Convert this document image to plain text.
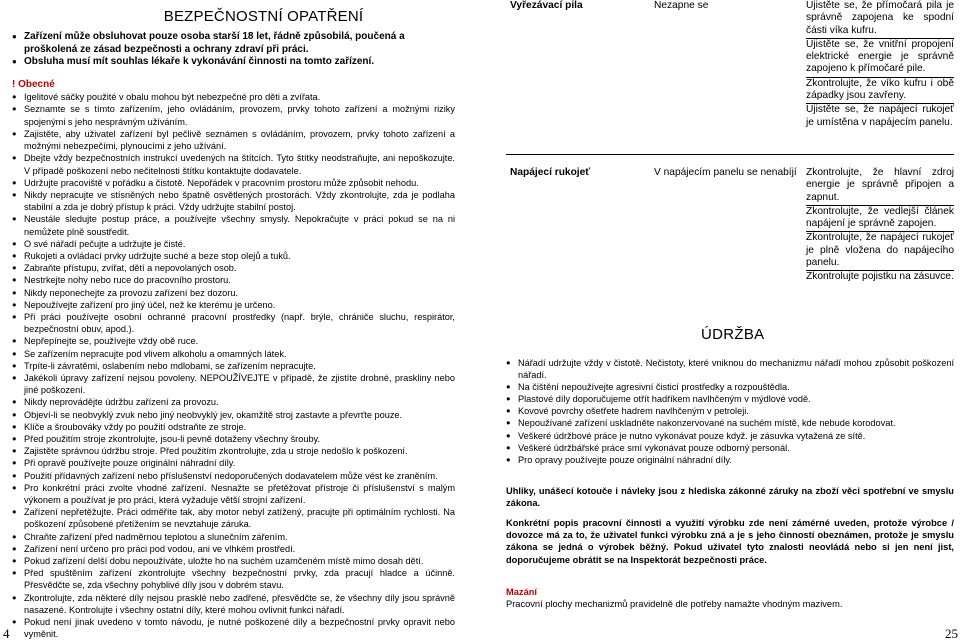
BEZPEČNOSTNÍ OPATŘENÍ
● Zařízení může obsluhovat pouze osoba starší 18 let, řádně způsobilá, poučená a proškolená ze zásad bezpečnosti a ochrany zdraví při práci.
● Obsluha musí mít souhlas lékaře k vykonávání činnosti na tomto zařízení.
! Obecné
● Igelitové sáčky použité v obalu mohou být nebezpečné pro děti a zvířata.
● Seznamte se s tímto zařízením, jeho ovládáním, provozem, prvky tohoto zařízení a možnými riziky spojenými s jeho nesprávným užíváním.
● Zajistěte, aby uživatel zařízení byl pečlivě seznámen s ovládáním, provozem, prvky tohoto zařízení a možnými nebezpečími, plynoucími z jeho užívání.
● Dbejte vždy bezpečnostních instrukcí uvedených na štítcích. Tyto štítky neodstraňujte, ani nepoškozujte. V případě poškození nebo nečitelnosti štítku kontaktujte dodavatele.
● Udržujte pracoviště v pořádku a čistotě. Nepořádek v pracovním prostoru může způsobit nehodu.
● Nikdy nepracujte ve stísněných nebo špatně osvětlených prostorách. Vždy zkontrolujte, zda je podlaha stabilní a zda je dobrý přístup k práci. Vždy udržujte stabilní postoj.
● Neustále sledujte postup práce, a používejte všechny smysly. Nepokračujte v práci pokud se na ni nemůžete plně soustředit.
● O své nářadí pečujte a udržujte je čisté.
● Rukojeti a ovládací prvky udržujte suché a beze stop olejů a tuků.
● Zabraňte přístupu, zvířat, dětí a nepovolaných osob.
● Nestrkejte nohy nebo ruce do pracovního prostoru.
● Nikdy neponechejte za provozu zařízení bez dozoru.
● Nepoužívejte zařízení pro jiný účel, než ke kterému je určeno.
● Při práci používejte osobní ochranné pracovní prostředky (např. brýle, chrániče sluchu, respirátor, bezpečnostní obuv, apod.).
● Nepřepínejte se, používejte vždy obě ruce.
● Se zařízením nepracujte pod vlivem alkoholu a omamných látek.
● Trpíte-li závratěmi, oslabením nebo mdlobami, se zařízením nepracujte.
● Jakékoli úpravy zařízení nejsou povoleny. NEPOUŽÍVEJTE v případě, že zjistíte drobné, praskliny nebo jiné poškození.
● Nikdy neprovádějte údržbu zařízení za provozu.
● Objeví-li se neobvyklý zvuk nebo jiný neobvyklý jev, okamžitě stroj zastavte a převrťte pouze.
● Klíče a šroubováky vždy po použití odstraňte ze stroje.
● Před použitím stroje zkontrolujte, jsou-li pevně dotaženy všechny šrouby.
● Zajistěte správnou údržbu stroje. Před použitím zkontrolujte, zda u stroje nedošlo k poškození.
● Při opravě používejte pouze originální náhradní díly.
● Použití přídavných zařízení nebo příslušenství nedoporučených dodavatelem může vést ke zraněním.
● Pro konkrétní práci zvolte vhodné zařízení. Nesnažte se přetěžovat přístroje či příslušenství s malým výkonem a používat je pro práci, která vyžaduje větší strojní zařízení.
● Zařízení nepřetěžujte. Práci odměříte tak, aby motor nebyl zatížený, pracujte při optimálním rychlosti. Na poškození způsobené přetížením se nevztahuje záruka.
● Chraňte zařízení před nadměrnou teplotou a slunečním zářením.
● Zařízení není určeno pro práci pod vodou, ani ve vlhkém prostředí.
● Pokud zařízení delší dobu nepoužíváte, uložte ho na suchém uzamčeném místě mimo dosah dětí.
● Před spuštěním zařízení zkontrolujte všechny bezpečnostní prvky, zda pracují hladce a účinně. Přesvědčte se, zda všechny pohyblivé díly jsou v dobrém stavu.
● Zkontrolujte, zda některé díly nejsou prasklé nebo zadřené, přesvědčte se, že všechny díly jsou správně nasazené. Kontrolujte i všechny ostatní díly, které mohou ovlivnit funkci nářadí.
● Pokud není jinak uvedeno v tomto návodu, je nutné poškozené díly a bezpečnostní prvky opravit nebo vyměnit.
Vyřezávací pila	Nezapne se	Ujistěte se, že přímočará pila je správně zapojena ke spodní části víka kufru.
Ujistěte se, že vnitřní propojení elektrické energie je správně zapojeno k přímočaré pile.
Zkontrolujte, že víko kufru i obě západky jsou zavřeny.
Ujistěte se, že napájecí rukojeť je umístěna v napájecím panelu.

Napájecí rukojeť	V napájecím panelu se nenabíjí	Zkontrolujte, že hlavní zdroj energie je správně připojen a zapnut.
Zkontrolujte, že vedlejší článek napájení je správně zapojen.
Zkontrolujte, že napájecí rukojeť je plně vložena do napájecího panelu.
Zkontrolujte pojistku na zásuvce.
ÚDRŽBA
● Nářadí udržujte vždy v čistotě. Nečistoty, které vniknou do mechanizmu nářadí mohou způsobit poškození nářadí.
● Na čištění nepoužívejte agresivní čisticí prostředky a rozpouštědla.
● Plastové díly doporučujeme otřít hadříkem navlhčeným v mýdlové vodě.
● Kovové povrchy ošetřete hadrem navlhčeným v petroleji.
● Nepoužívané zařízení uskladněte nakonzervované na suchém místě, kde nebude korodovat.
● Veškeré údržbové práce je nutno vykonávat pouze když. je zásuvka vytažená ze sítě.
● Veškeré údržbářské práce smí vykonávat pouze odborný personál.
● Pro opravy používejte pouze originální náhradní díly.
Uhliky, unášecí kotouče i návleky jsou z hlediska zákonné záruky na zboží věci spotřební ve smyslu zákona.
Konkrétní popis pracovní činnosti a využití výrobku zde není zámérné uveden, protože výrobce / dovozce má za to, že uživatel funkci výrobku zná a je s jeho činností obeznámen, protože je smyslu zákona se jedná o výrobek běžný. Pokud uživatel tyto znalosti neovládá nebo si jen není jist, doporučujeme obrátit se na Inspektorát bezpečnosti práce.
Mazání
Pracovní plochy mechanizmů pravidelně dle potřeby namažte vhodným mazivem.
4	25
